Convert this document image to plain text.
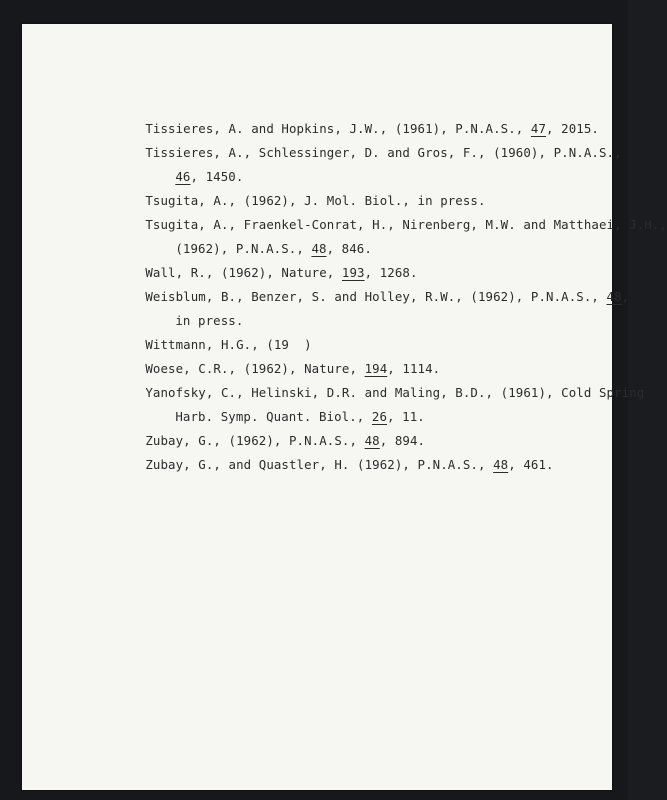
Tissieres, A. and Hopkins, J.W., (1961), P.N.A.S., 47, 2015.

Tissieres, A., Schlessinger, D. and Gros, F., (1960), P.N.A.S.,

46, 1450.

Tsugita, A., (1962), J. Mol. Biol., in press.

Tsugita, A., Fraenkel-Conrat, H., Nirenberg, M.W. and Matthaei, J.H.,

(1962), P.N.A.S., 48, 846.

Wall, R., (1962), Nature, 193, 1268.

Weisblum, B., Benzer, S. and Holley, R.W., (1962), P.N.A.S., 48,

in press.

Wittmann, H.G., (19  )

Woese, C.R., (1962), Nature, 194, 1114.

Yanofsky, C., Helinski, D.R. and Maling, B.D., (1961), Cold Spring

Harb. Symp. Quant. Biol., 26, 11.

Zubay, G., (1962), P.N.A.S., 48, 894.

Zubay, G., and Quastler, H. (1962), P.N.A.S., 48, 461.
